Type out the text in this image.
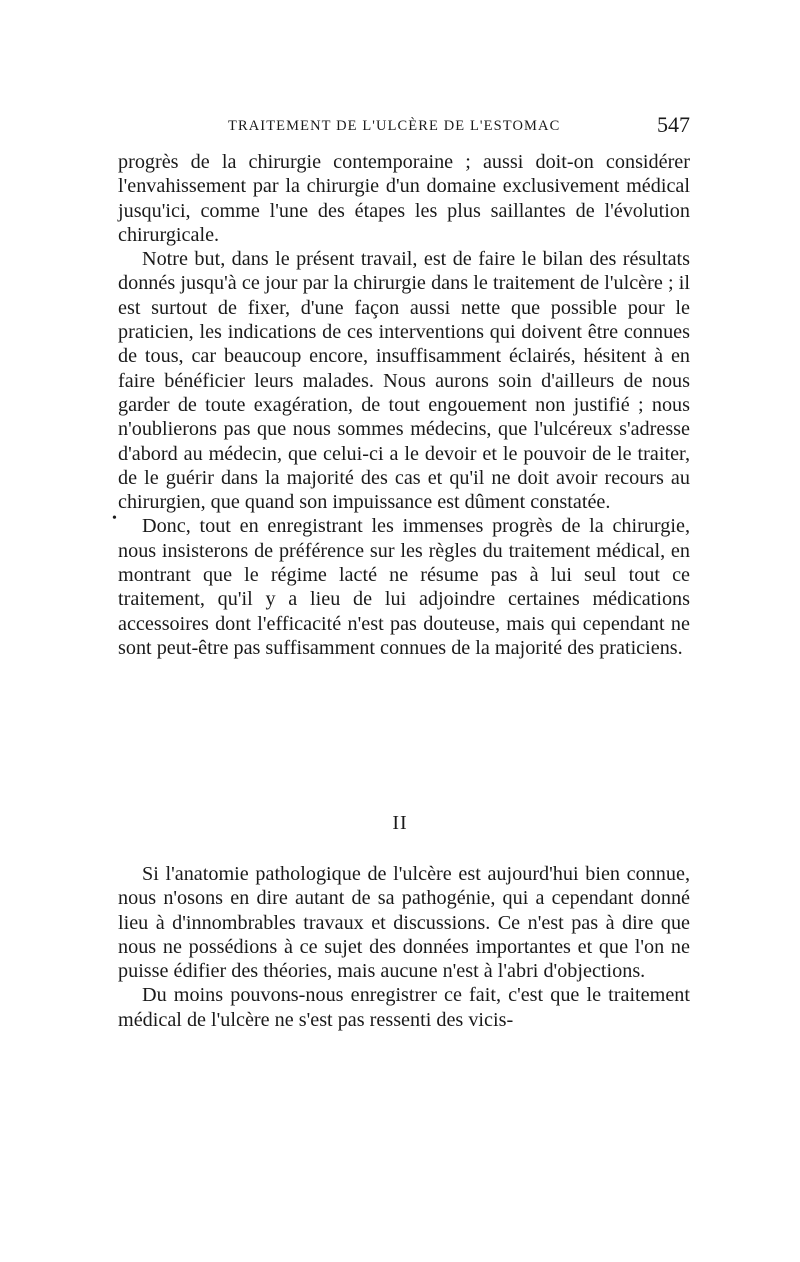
TRAITEMENT DE L'ULCÈRE DE L'ESTOMAC	547
•

progrès de la chirurgie contemporaine ; aussi doit-on considérer l'envahissement par la chirurgie d'un domaine exclusivement médical jusqu'ici, comme l'une des étapes les plus saillantes de l'évolution chirurgicale.

Notre but, dans le présent travail, est de faire le bilan des résultats donnés jusqu'à ce jour par la chirurgie dans le traitement de l'ulcère ; il est surtout de fixer, d'une façon aussi nette que possible pour le praticien, les indications de ces interventions qui doivent être connues de tous, car beaucoup encore, insuffisamment éclairés, hésitent à en faire bénéficier leurs malades. Nous aurons soin d'ailleurs de nous garder de toute exagération, de tout engouement non justifié ; nous n'oublierons pas que nous sommes médecins, que l'ulcéreux s'adresse d'abord au médecin, que celui-ci a le devoir et le pouvoir de le traiter, de le guérir dans la majorité des cas et qu'il ne doit avoir recours au chirurgien, que quand son impuissance est dûment constatée.

Donc, tout en enregistrant les immenses progrès de la chirurgie, nous insisterons de préférence sur les règles du traitement médical, en montrant que le régime lacté ne résume pas à lui seul tout ce traitement, qu'il y a lieu de lui adjoindre certaines médications accessoires dont l'efficacité n'est pas douteuse, mais qui cependant ne sont peut-être pas suffisamment connues de la majorité des praticiens.

II

Si l'anatomie pathologique de l'ulcère est aujourd'hui bien connue, nous n'osons en dire autant de sa pathogénie, qui a cependant donné lieu à d'innombrables travaux et discussions. Ce n'est pas à dire que nous ne possédions à ce sujet des données importantes et que l'on ne puisse édifier des théories, mais aucune n'est à l'abri d'objections.

Du moins pouvons-nous enregistrer ce fait, c'est que le traitement médical de l'ulcère ne s'est pas ressenti des vicis-
